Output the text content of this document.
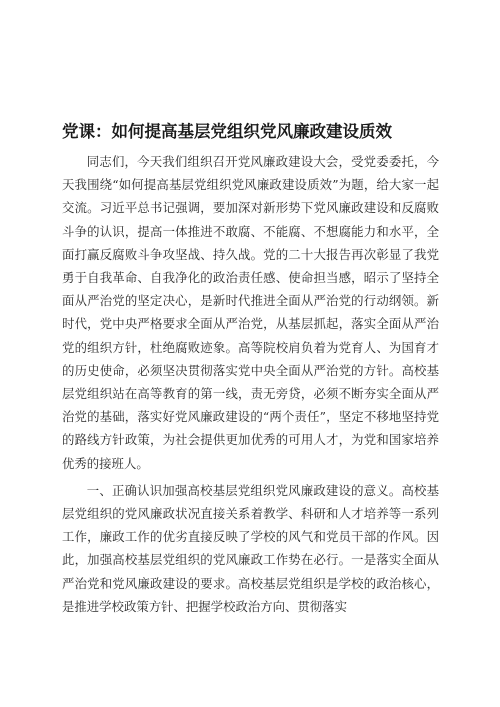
党课：如何提高基层党组织党风廉政建设质效

同志们，今天我们组织召开党风廉政建设大会，受党委委托，今天我围绕“如何提高基层党组织党风廉政建设质效”为题，给大家一起交流。习近平总书记强调，要加深对新形势下党风廉政建设和反腐败斗争的认识，提高一体推进不敢腐、不能腐、不想腐能力和水平，全面打赢反腐败斗争攻坚战、持久战。党的二十大报告再次彰显了我党勇于自我革命、自我净化的政治责任感、使命担当感，昭示了坚持全面从严治党的坚定决心，是新时代推进全面从严治党的行动纲领。新时代，党中央严格要求全面从严治党，从基层抓起，落实全面从严治党的组织方针，杜绝腐败迹象。高等院校肩负着为党育人、为国育才的历史使命，必须坚决贯彻落实党中央全面从严治党的方针。高校基层党组织站在高等教育的第一线，责无旁贷，必须不断夯实全面从严治党的基础，落实好党风廉政建设的“两个责任”，坚定不移地坚持党的路线方针政策，为社会提供更加优秀的可用人才，为党和国家培养优秀的接班人。

一、正确认识加强高校基层党组织党风廉政建设的意义。高校基层党组织的党风廉政状况直接关系着教学、科研和人才培养等一系列工作，廉政工作的优劣直接反映了学校的风气和党员干部的作风。因此，加强高校基层党组织的党风廉政工作势在必行。一是落实全面从严治党和党风廉政建设的要求。高校基层党组织是学校的政治核心，是推进学校政策方针、把握学校政治方向、贯彻落实
